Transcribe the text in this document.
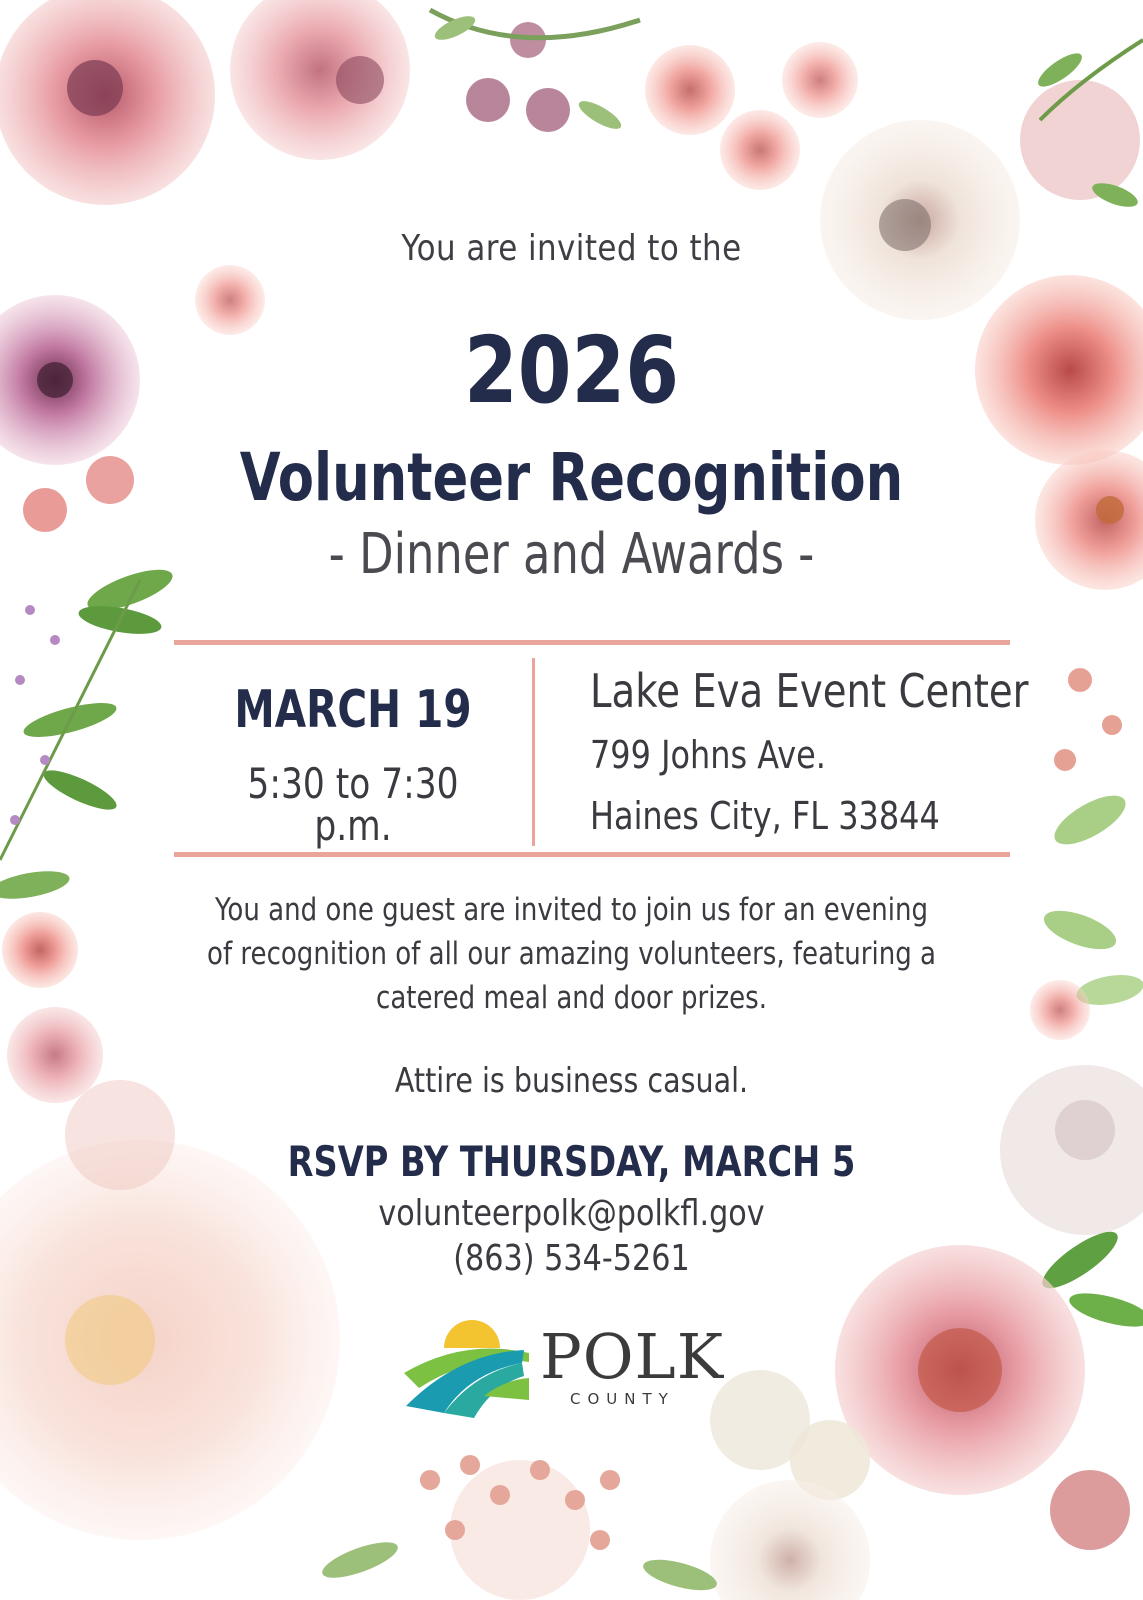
You are invited to the
2026
Volunteer Recognition
- Dinner and Awards -
MARCH 19
5:30 to 7:30 p.m.
Lake Eva Event Center
799 Johns Ave.
Haines City, FL 33844
You and one guest are invited to join us for an evening
of recognition of all our amazing volunteers, featuring a
catered meal and door prizes.
Attire is business casual.
RSVP BY THURSDAY, MARCH 5
volunteerpolk@polkfl.gov
(863) 534-5261
POLK
COUNTY
